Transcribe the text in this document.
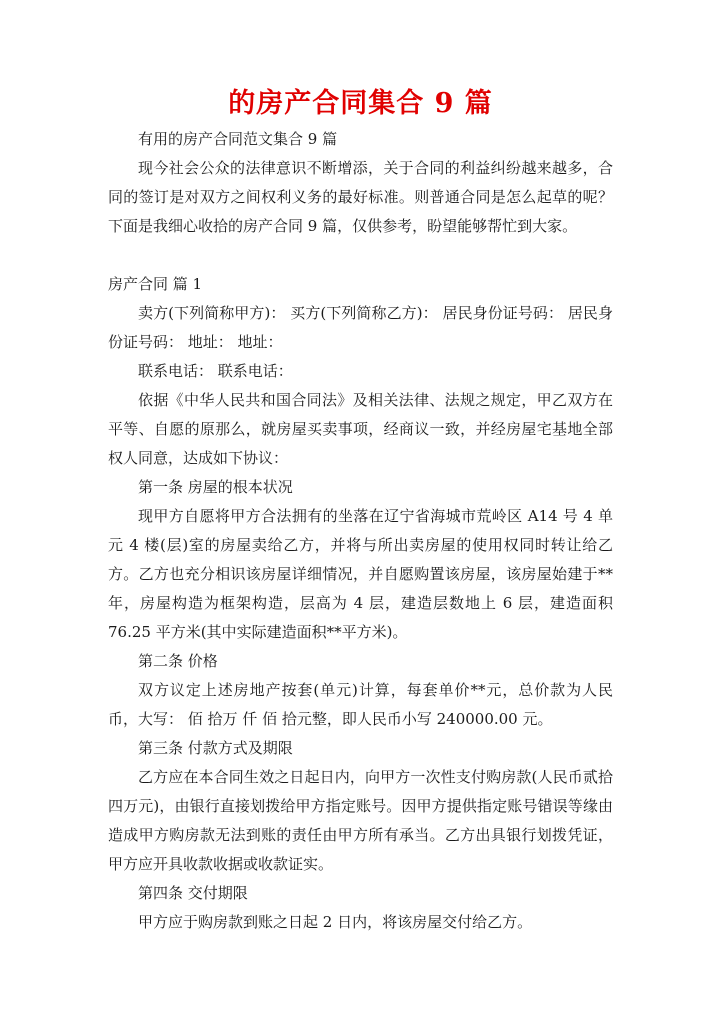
的房产合同集合 9 篇

有用的房产合同范文集合 9 篇

现今社会公众的法律意识不断增添，关于合同的利益纠纷越来越多，合同的签订是对双方之间权利义务的最好标准。则普通合同是怎么起草的呢？下面是我细心收拾的房产合同 9 篇，仅供参考，盼望能够帮忙到大家。

房产合同 篇 1

卖方(下列简称甲方)： 买方(下列简称乙方)： 居民身份证号码： 居民身份证号码： 地址： 地址：

联系电话： 联系电话：

依据《中华人民共和国合同法》及相关法律、法规之规定，甲乙双方在平等、自愿的原那么，就房屋买卖事项，经商议一致，并经房屋宅基地全部权人同意，达成如下协议：

第一条 房屋的根本状况

现甲方自愿将甲方合法拥有的坐落在辽宁省海城市荒岭区 A14 号 4 单元 4 楼(层)室的房屋卖给乙方，并将与所出卖房屋的使用权同时转让给乙方。乙方也充分相识该房屋详细情况，并自愿购置该房屋，该房屋始建于**年，房屋构造为框架构造，层高为 4 层，建造层数地上 6 层，建造面积 76.25 平方米(其中实际建造面积**平方米)。

第二条 价格

双方议定上述房地产按套(单元)计算，每套单价**元，总价款为人民币，大写： 佰 拾万 仟 佰 拾元整，即人民币小写 240000.00 元。

第三条 付款方式及期限

乙方应在本合同生效之日起日内，向甲方一次性支付购房款(人民币贰拾四万元)，由银行直接划拨给甲方指定账号。因甲方提供指定账号错误等缘由造成甲方购房款无法到账的责任由甲方所有承当。乙方出具银行划拨凭证，甲方应开具收款收据或收款证实。

第四条 交付期限

甲方应于购房款到账之日起 2 日内，将该房屋交付给乙方。
